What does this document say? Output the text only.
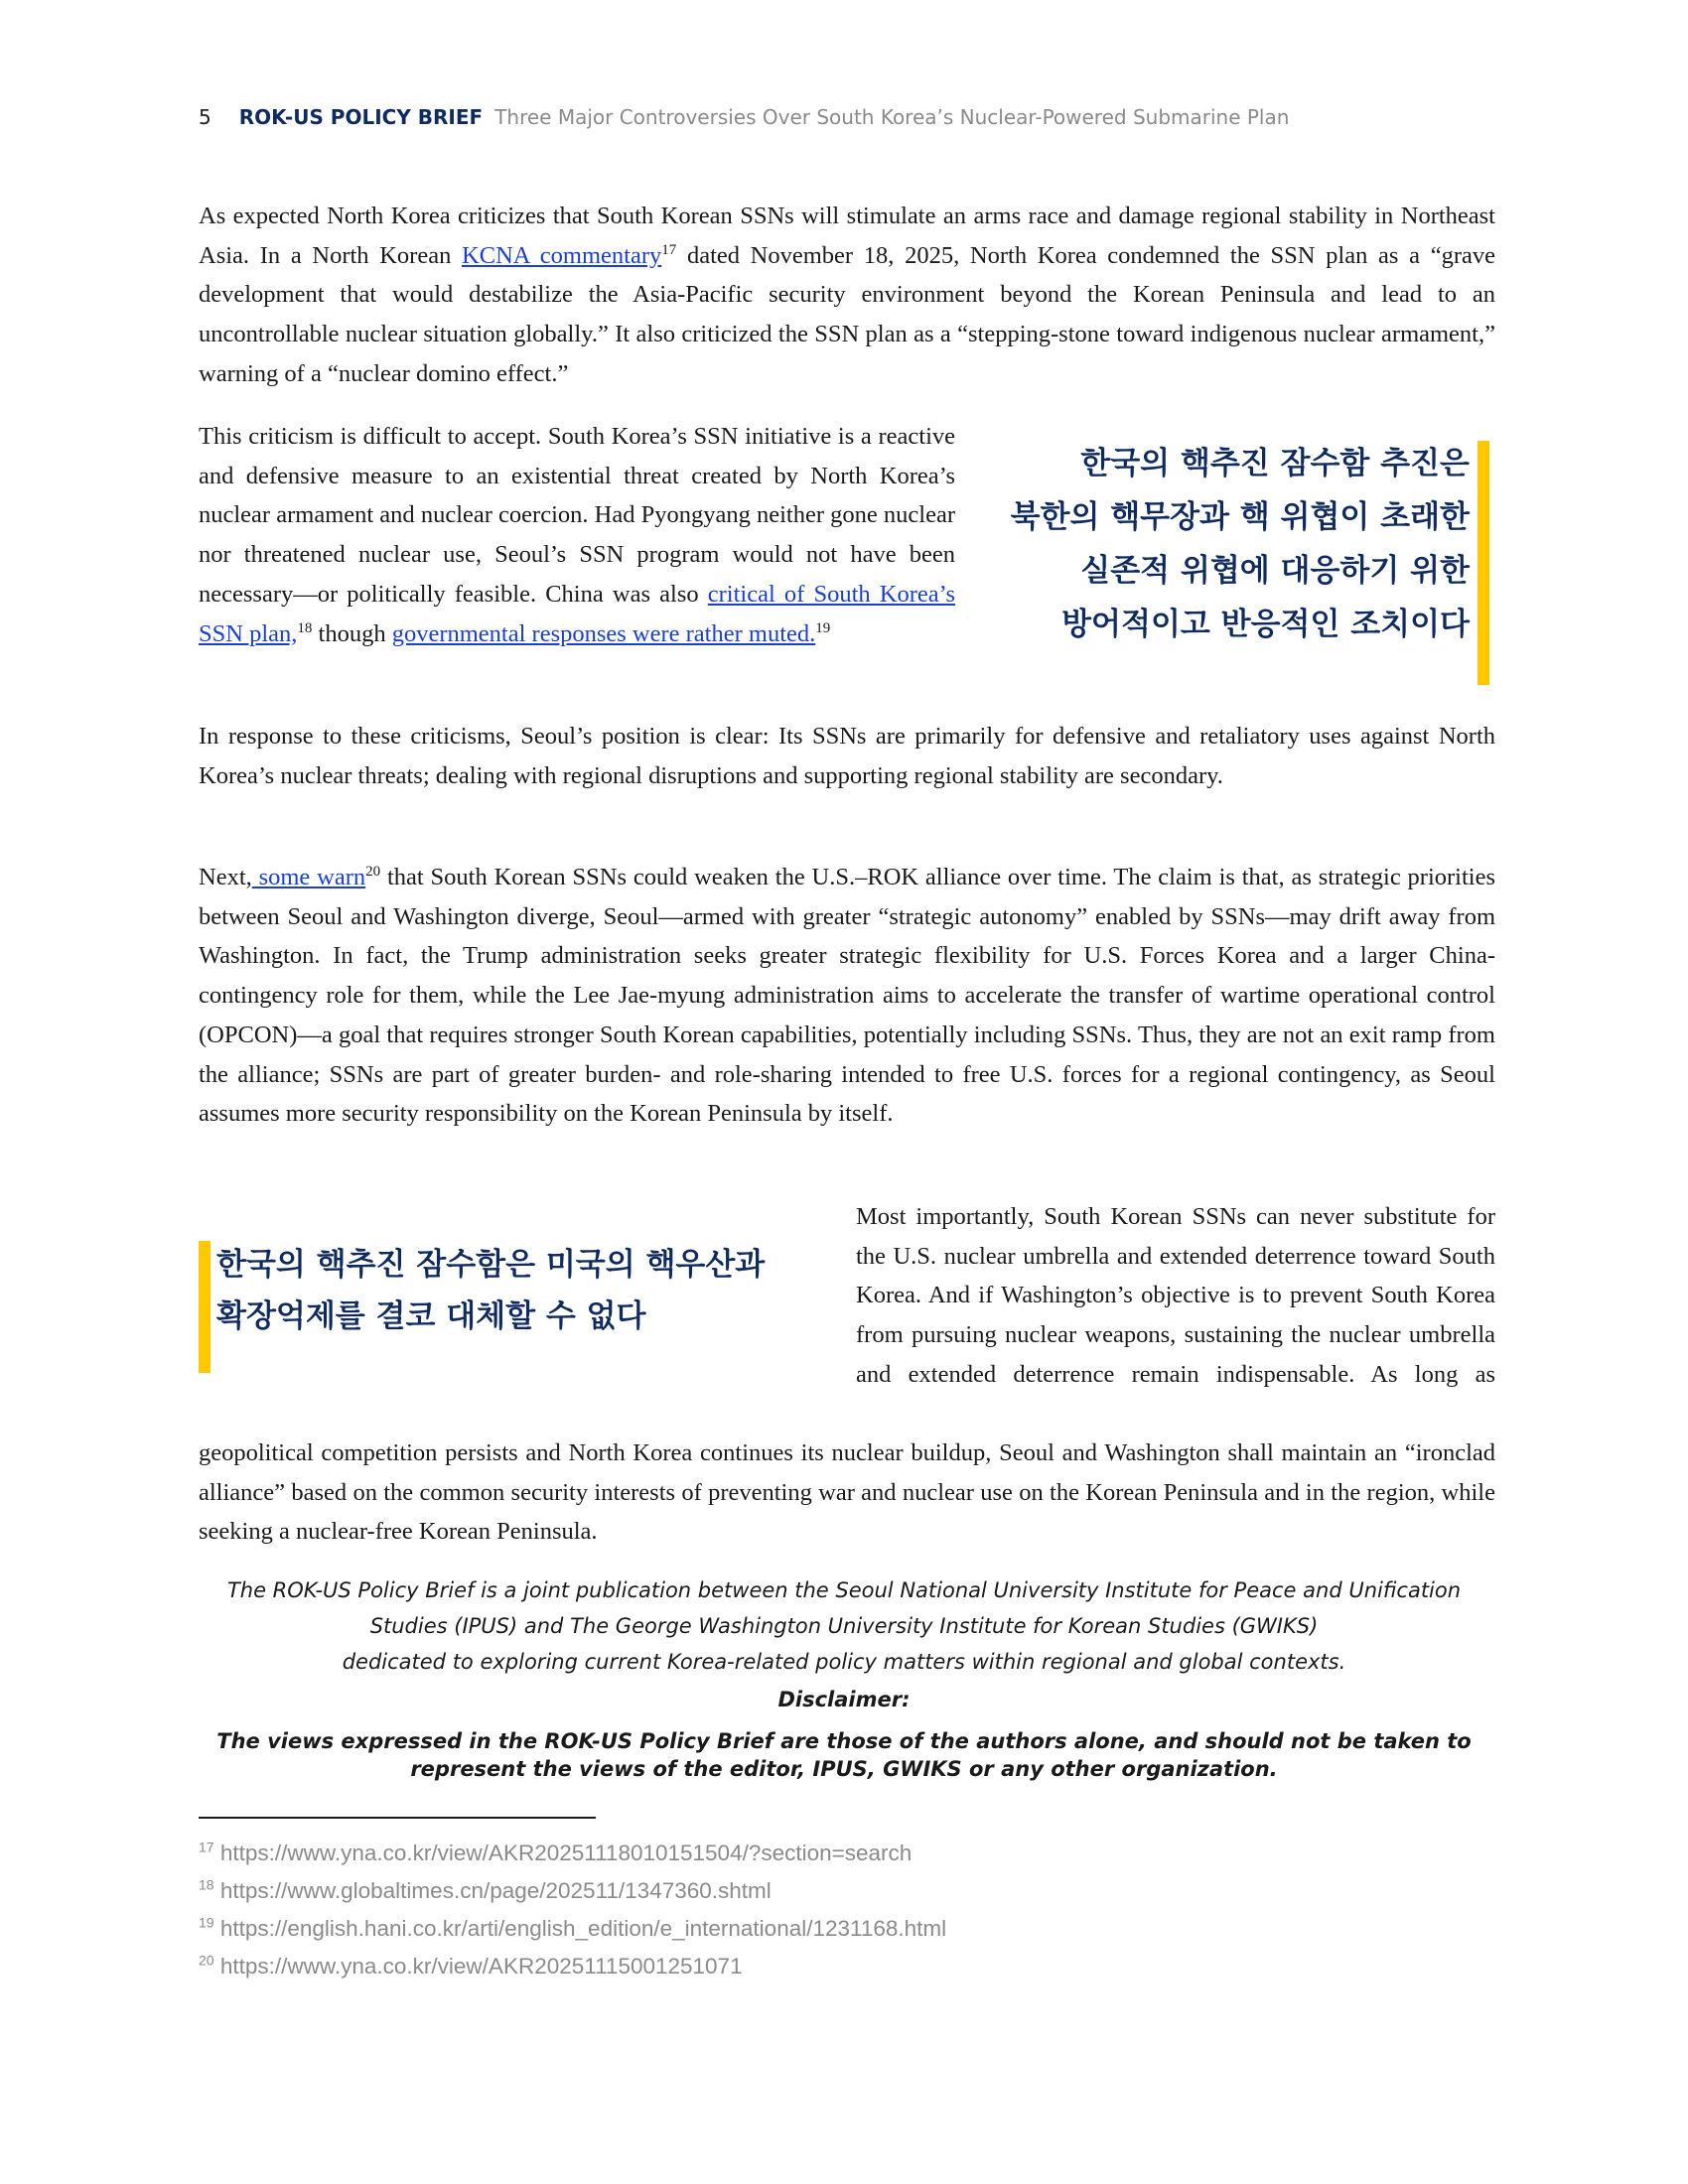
5 ROK-US POLICY BRIEF Three Major Controversies Over South Korea’s Nuclear-Powered Submarine Plan
As expected North Korea criticizes that South Korean SSNs will stimulate an arms race and damage regional stability in Northeast Asia. In a North Korean KCNA commentary$^{17}$ dated November 18, 2025, North Korea condemned the SSN plan as a “grave development that would destabilize the Asia-Pacific security environment beyond the Korean Peninsula and lead to an uncontrollable nuclear situation globally.” It also criticized the SSN plan as a “stepping-stone toward indigenous nuclear armament,” warning of a “nuclear domino effect.”
This criticism is difficult to accept. South Korea’s SSN initiative is a reactive and defensive measure to an existential threat created by North Korea’s nuclear armament and nuclear coercion. Had Pyongyang neither gone nuclear nor threatened nuclear use, Seoul’s SSN program would not have been necessary—or politically feasible. China was also critical of South Korea’s SSN plan,$^{18}$ though governmental responses were rather muted.$^{19}$
한국의 핵추진 잠수함 추진은
북한의 핵무장과 핵 위협이 초래한
실존적 위협에 대응하기 위한
방어적이고 반응적인 조치이다
In response to these criticisms, Seoul’s position is clear: Its SSNs are primarily for defensive and retaliatory uses against North Korea’s nuclear threats; dealing with regional disruptions and supporting regional stability are secondary.
Next, some warn$^{20}$ that South Korean SSNs could weaken the U.S.–ROK alliance over time. The claim is that, as strategic priorities between Seoul and Washington diverge, Seoul—armed with greater “strategic autonomy” enabled by SSNs—may drift away from Washington. In fact, the Trump administration seeks greater strategic flexibility for U.S. Forces Korea and a larger China-contingency role for them, while the Lee Jae-myung administration aims to accelerate the transfer of wartime operational control (OPCON)—a goal that requires stronger South Korean capabilities, potentially including SSNs. Thus, they are not an exit ramp from the alliance; SSNs are part of greater burden- and role-sharing intended to free U.S. forces for a regional contingency, as Seoul assumes more security responsibility on the Korean Peninsula by itself.
한국의 핵추진 잠수함은 미국의 핵우산과
확장억제를 결코 대체할 수 없다
Most importantly, South Korean SSNs can never substitute for the U.S. nuclear umbrella and extended deterrence toward South Korea. And if Washington’s objective is to prevent South Korea from pursuing nuclear weapons, sustaining the nuclear umbrella and extended deterrence remain indispensable. As long as
geopolitical competition persists and North Korea continues its nuclear buildup, Seoul and Washington shall maintain an “ironclad alliance” based on the common security interests of preventing war and nuclear use on the Korean Peninsula and in the region, while seeking a nuclear-free Korean Peninsula.
The ROK-US Policy Brief is a joint publication between the Seoul National University Institute for Peace and Unification
Studies (IPUS) and The George Washington University Institute for Korean Studies (GWIKS)
dedicated to exploring current Korea-related policy matters within regional and global contexts.
Disclaimer:
The views expressed in the ROK-US Policy Brief are those of the authors alone, and should not be taken to
represent the views of the editor, IPUS, GWIKS or any other organization.
$^{17}$ https://www.yna.co.kr/view/AKR20251118010151504/?section=search
$^{18}$ https://www.globaltimes.cn/page/202511/1347360.shtml
$^{19}$ https://english.hani.co.kr/arti/english_edition/e_international/1231168.html
$^{20}$ https://www.yna.co.kr/view/AKR20251115001251071
